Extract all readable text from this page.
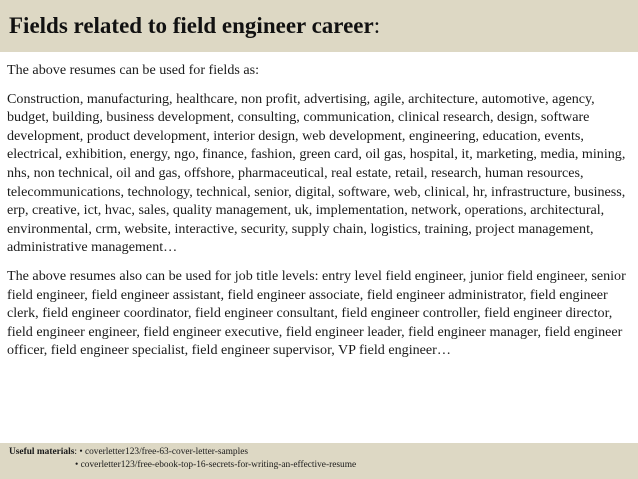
Fields related to field engineer career:

The above resumes can be used for fields as:

Construction, manufacturing, healthcare, non profit, advertising, agile, architecture, automotive, agency, budget, building, business development, consulting, communication, clinical research, design, software development, product development, interior design, web development, engineering, education, events, electrical, exhibition, energy, ngo, finance, fashion, green card, oil gas, hospital, it, marketing, media, mining, nhs, non technical, oil and gas, offshore, pharmaceutical, real estate, retail, research, human resources, telecommunications, technology, technical, senior, digital, software, web, clinical, hr, infrastructure, business, erp, creative, ict, hvac, sales, quality management, uk, implementation, network, operations, architectural, environmental, crm, website, interactive, security, supply chain, logistics, training, project management, administrative management…

The above resumes also can be used for job title levels: entry level field engineer, junior field engineer, senior field engineer, field engineer assistant, field engineer associate, field engineer administrator, field engineer clerk, field engineer coordinator, field engineer consultant, field engineer controller, field engineer director, field engineer engineer, field engineer executive, field engineer leader, field engineer manager, field engineer officer, field engineer specialist, field engineer supervisor, VP field engineer…

Useful materials: • coverletter123/free-63-cover-letter-samples
• coverletter123/free-ebook-top-16-secrets-for-writing-an-effective-resume
